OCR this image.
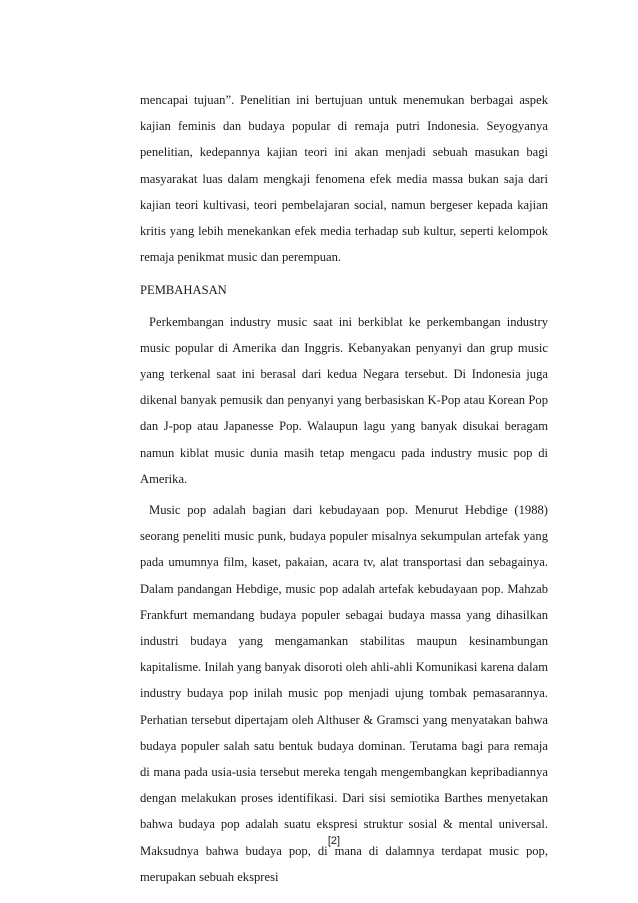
mencapai tujuan”. Penelitian ini bertujuan untuk menemukan berbagai aspek kajian feminis dan budaya popular di remaja putri Indonesia. Seyogyanya penelitian, kedepannya kajian teori ini akan menjadi sebuah masukan bagi masyarakat luas dalam mengkaji fenomena efek media massa bukan saja dari kajian teori kultivasi, teori pembelajaran social, namun bergeser kepada kajian kritis yang lebih menekankan efek media terhadap sub kultur, seperti kelompok remaja penikmat music dan perempuan.

PEMBAHASAN

Perkembangan industry music saat ini berkiblat ke perkembangan industry music popular di Amerika dan Inggris. Kebanyakan penyanyi dan grup music yang terkenal saat ini berasal dari kedua Negara tersebut. Di Indonesia juga dikenal banyak pemusik dan penyanyi yang berbasiskan K-Pop atau Korean Pop dan J-pop atau Japanesse Pop. Walaupun lagu yang banyak disukai beragam namun kiblat music dunia masih tetap mengacu pada industry music pop di Amerika.

Music pop adalah bagian dari kebudayaan pop. Menurut Hebdige (1988) seorang peneliti music punk, budaya populer misalnya sekumpulan artefak yang pada umumnya film, kaset, pakaian, acara tv, alat transportasi dan sebagainya. Dalam pandangan Hebdige, music pop adalah artefak kebudayaan pop. Mahzab Frankfurt memandang budaya populer sebagai budaya massa yang dihasilkan industri budaya yang mengamankan stabilitas maupun kesinambungan kapitalisme. Inilah yang banyak disoroti oleh ahli-ahli Komunikasi karena dalam industry budaya pop inilah music pop menjadi ujung tombak pemasarannya. Perhatian tersebut dipertajam oleh Althuser & Gramsci yang menyatakan bahwa budaya populer salah satu bentuk budaya dominan. Terutama bagi para remaja di mana pada usia-usia tersebut mereka tengah mengembangkan kepribadiannya dengan melakukan proses identifikasi. Dari sisi semiotika Barthes menyetakan bahwa budaya pop adalah suatu ekspresi struktur sosial & mental universal. Maksudnya bahwa budaya pop, di mana di dalamnya terdapat music pop, merupakan sebuah ekspresi

[2]
